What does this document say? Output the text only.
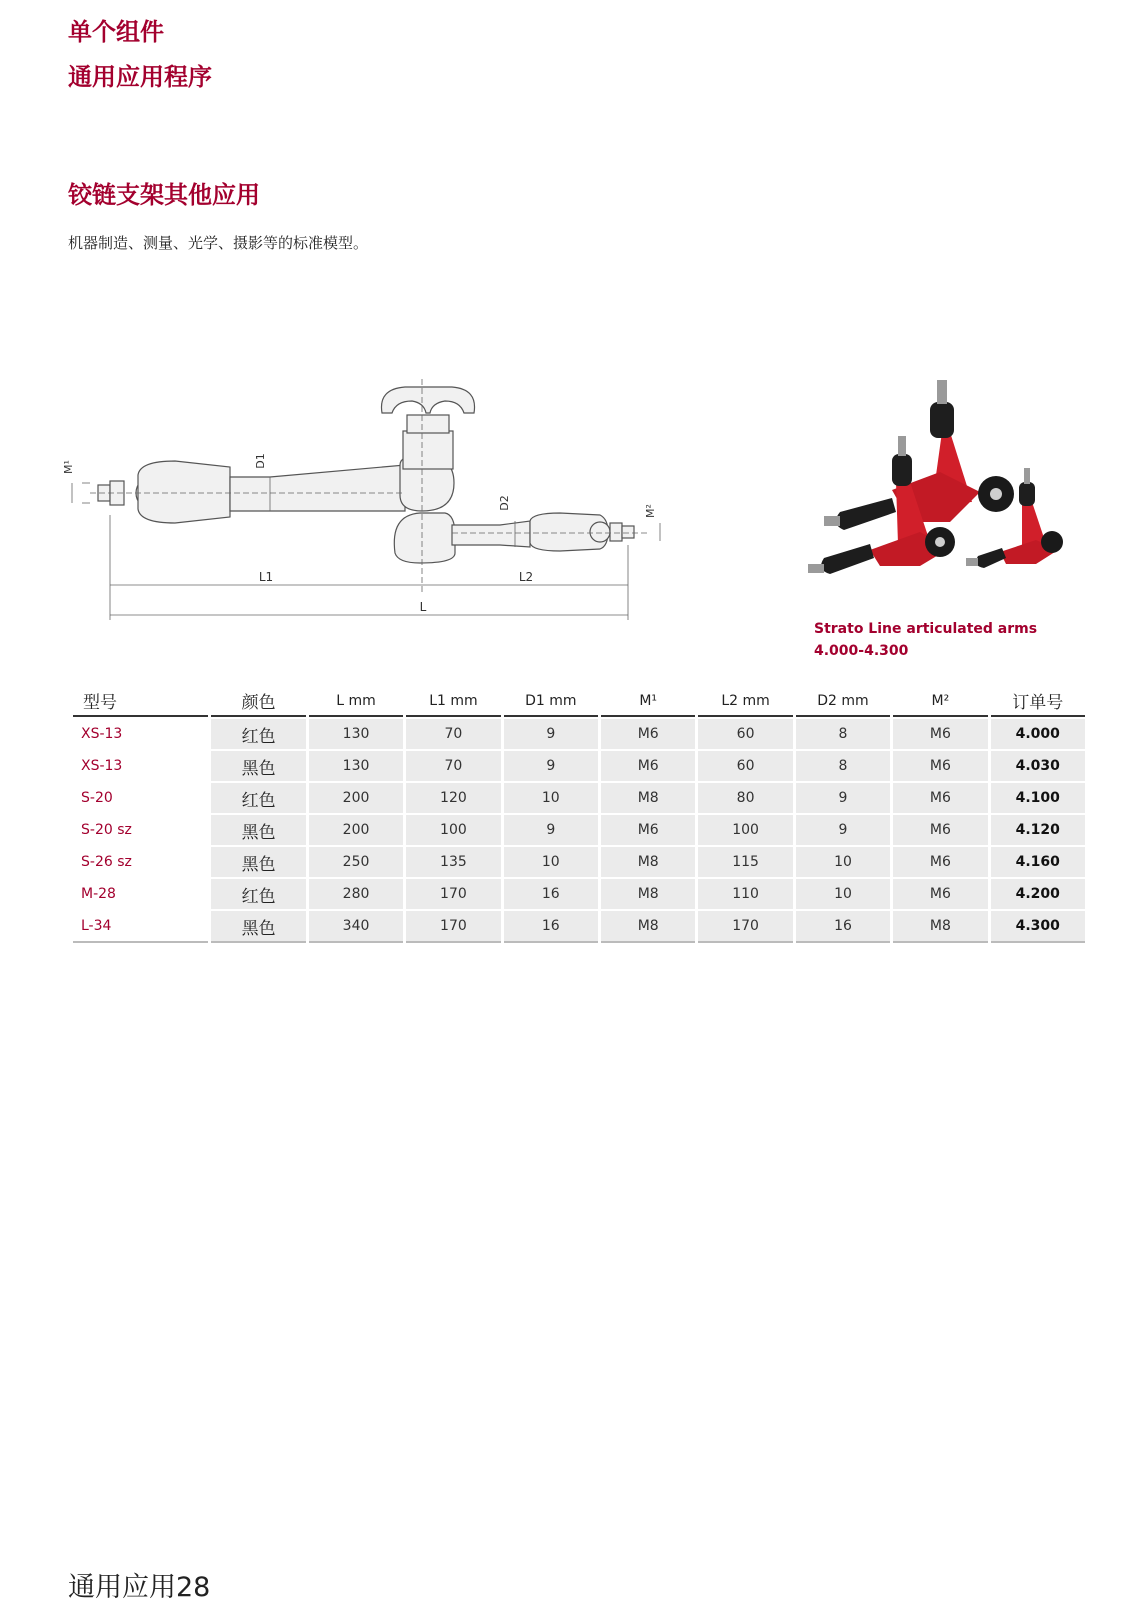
单个组件
通用应用程序
铰链支架其他应用
机器制造、测量、光学、摄影等的标准模型。
M¹	D1
D2
M²
L1	L2
L
Strato Line articulated arms
4.000-4.300
型号	颜色	L mm	L1 mm	D1 mm	M¹	L2 mm	D2 mm	M²	订单号
XS-13	红色	130	70	9	M6	60	8	M6	4.000
XS-13	黑色	130	70	9	M6	60	8	M6	4.030
S-20	红色	200	120	10	M8	80	9	M6	4.100
S-20 sz	黑色	200	100	9	M6	100	9	M6	4.120
S-26 sz	黑色	250	135	10	M8	115	10	M6	4.160
M-28	红色	280	170	16	M8	110	10	M6	4.200
L-34	黑色	340	170	16	M8	170	16	M8	4.300
通用应用28
